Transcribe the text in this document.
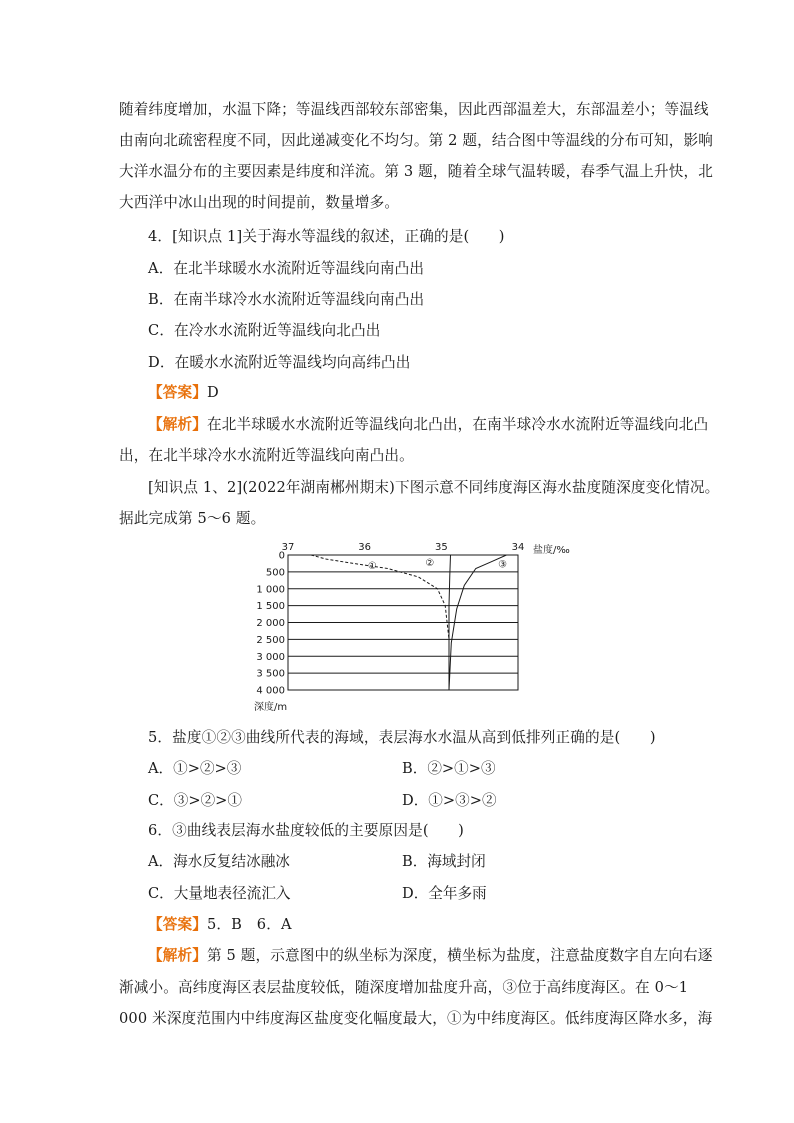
随着纬度增加，水温下降；等温线西部较东部密集，因此西部温差大，东部温差小；等温线
由南向北疏密程度不同，因此递减变化不均匀。第 2 题，结合图中等温线的分布可知，影响
大洋水温分布的主要因素是纬度和洋流。第 3 题，随着全球气温转暖，春季气温上升快，北
大西洋中冰山出现的时间提前，数量增多。
4．[知识点 1]关于海水等温线的叙述，正确的是(　　)
A．在北半球暖水水流附近等温线向南凸出
B．在南半球冷水水流附近等温线向南凸出
C．在冷水水流附近等温线向北凸出
D．在暖水水流附近等温线均向高纬凸出
【答案】D
【解析】在北半球暖水水流附近等温线向北凸出，在南半球冷水水流附近等温线向北凸
出，在北半球冷水水流附近等温线向南凸出。
[知识点 1、2](2022年湖南郴州期末)下图示意不同纬度海区海水盐度随深度变化情况。
据此完成第 5～6 题。
0
500
1 000
1 500
2 000
2 500
3 000
3 500
4 000
37	36	35	34
①	②	③
盐度/‰
深度/m
5．盐度①②③曲线所代表的海域，表层海水水温从高到低排列正确的是(　　)
A．①>②>③	B．②>①>③
C．③>②>①	D．①>③>②
6．③曲线表层海水盐度较低的主要原因是(　　)
A．海水反复结冰融冰	B．海域封闭
C．大量地表径流汇入	D．全年多雨
【答案】5．B　6．A
【解析】第 5 题，示意图中的纵坐标为深度，横坐标为盐度，注意盐度数字自左向右逐
渐减小。高纬度海区表层盐度较低，随深度增加盐度升高，③位于高纬度海区。在 0～1
000 米深度范围内中纬度海区盐度变化幅度最大，①为中纬度海区。低纬度海区降水多，海
